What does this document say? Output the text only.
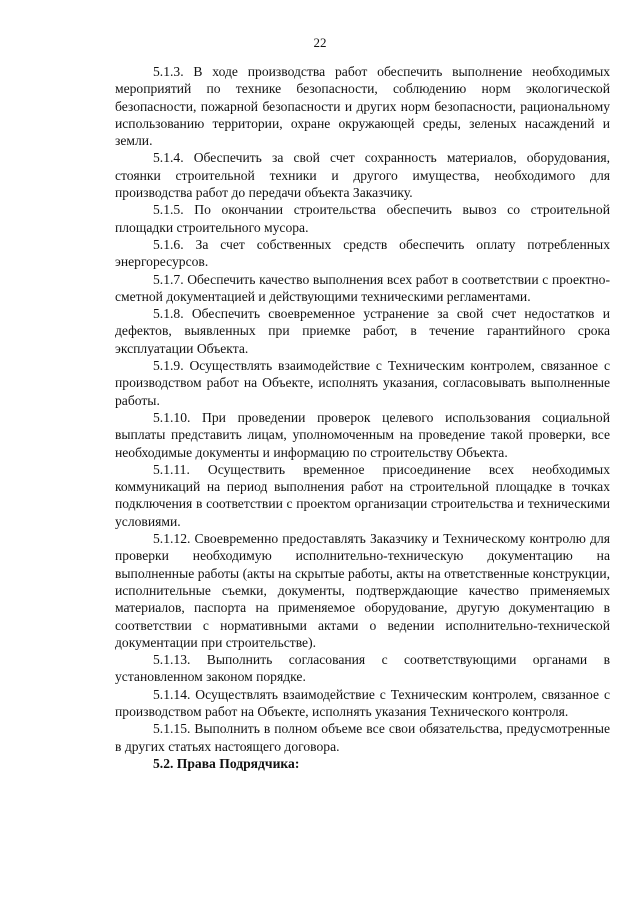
22

5.1.3. В ходе производства работ обеспечить выполнение необходимых мероприятий по технике безопасности, соблюдению норм экологической безопасности, пожарной безопасности и других норм безопасности, рациональному использованию территории, охране окружающей среды, зеленых насаждений и земли.

5.1.4. Обеспечить за свой счет сохранность материалов, оборудования, стоянки строительной техники и другого имущества, необходимого для производства работ до передачи объекта Заказчику.

5.1.5. По окончании строительства обеспечить вывоз со строительной площадки строительного мусора.

5.1.6. За счет собственных средств обеспечить оплату потребленных энергоресурсов.

5.1.7. Обеспечить качество выполнения всех работ в соответствии с проектно-сметной документацией и действующими техническими регламентами.

5.1.8. Обеспечить своевременное устранение за свой счет недостатков и дефектов, выявленных при приемке работ, в течение гарантийного срока эксплуатации Объекта.

5.1.9. Осуществлять взаимодействие с Техническим контролем, связанное с производством работ на Объекте, исполнять указания, согласовывать выполненные работы.

5.1.10. При проведении проверок целевого использования социальной выплаты представить лицам, уполномоченным на проведение такой проверки, все необходимые документы и информацию по строительству Объекта.

5.1.11. Осуществить временное присоединение всех необходимых коммуникаций на период выполнения работ на строительной площадке в точках подключения в соответствии с проектом организации строительства и техническими условиями.

5.1.12. Своевременно предоставлять Заказчику и Техническому контролю для проверки необходимую исполнительно-техническую документацию на выполненные работы (акты на скрытые работы, акты на ответственные конструкции, исполнительные съемки, документы, подтверждающие качество применяемых материалов, паспорта на применяемое оборудование, другую документацию в соответствии с нормативными актами о ведении исполнительно-технической документации при строительстве).

5.1.13. Выполнить согласования с соответствующими органами в установленном законом порядке.

5.1.14. Осуществлять взаимодействие с Техническим контролем, связанное с производством работ на Объекте, исполнять указания Технического контроля.

5.1.15. Выполнить в полном объеме все свои обязательства, предусмотренные в других статьях настоящего договора.

5.2. Права Подрядчика:
